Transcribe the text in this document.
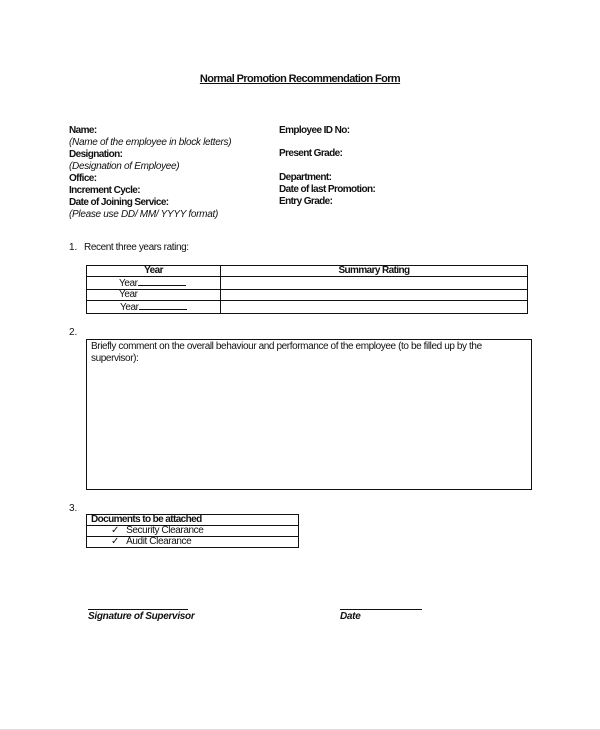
Normal Promotion Recommendation Form
Name:
(Name of the employee in block letters)
Designation:
(Designation of Employee)
Office:
Increment Cycle:
Date of Joining Service:
(Please use DD/ MM/ YYYY format)
Employee ID No:
Present Grade:
Department:
Date of last Promotion:
Entry Grade:
1. Recent three years rating:
Year	Summary Rating
Year	
Year	
Year	
2.
Briefly comment on the overall behaviour and performance of the employee (to be filled up by the supervisor):
3.
Documents to be attached
✓ Security Clearance
✓ Audit Clearance
Signature of Supervisor	Date
